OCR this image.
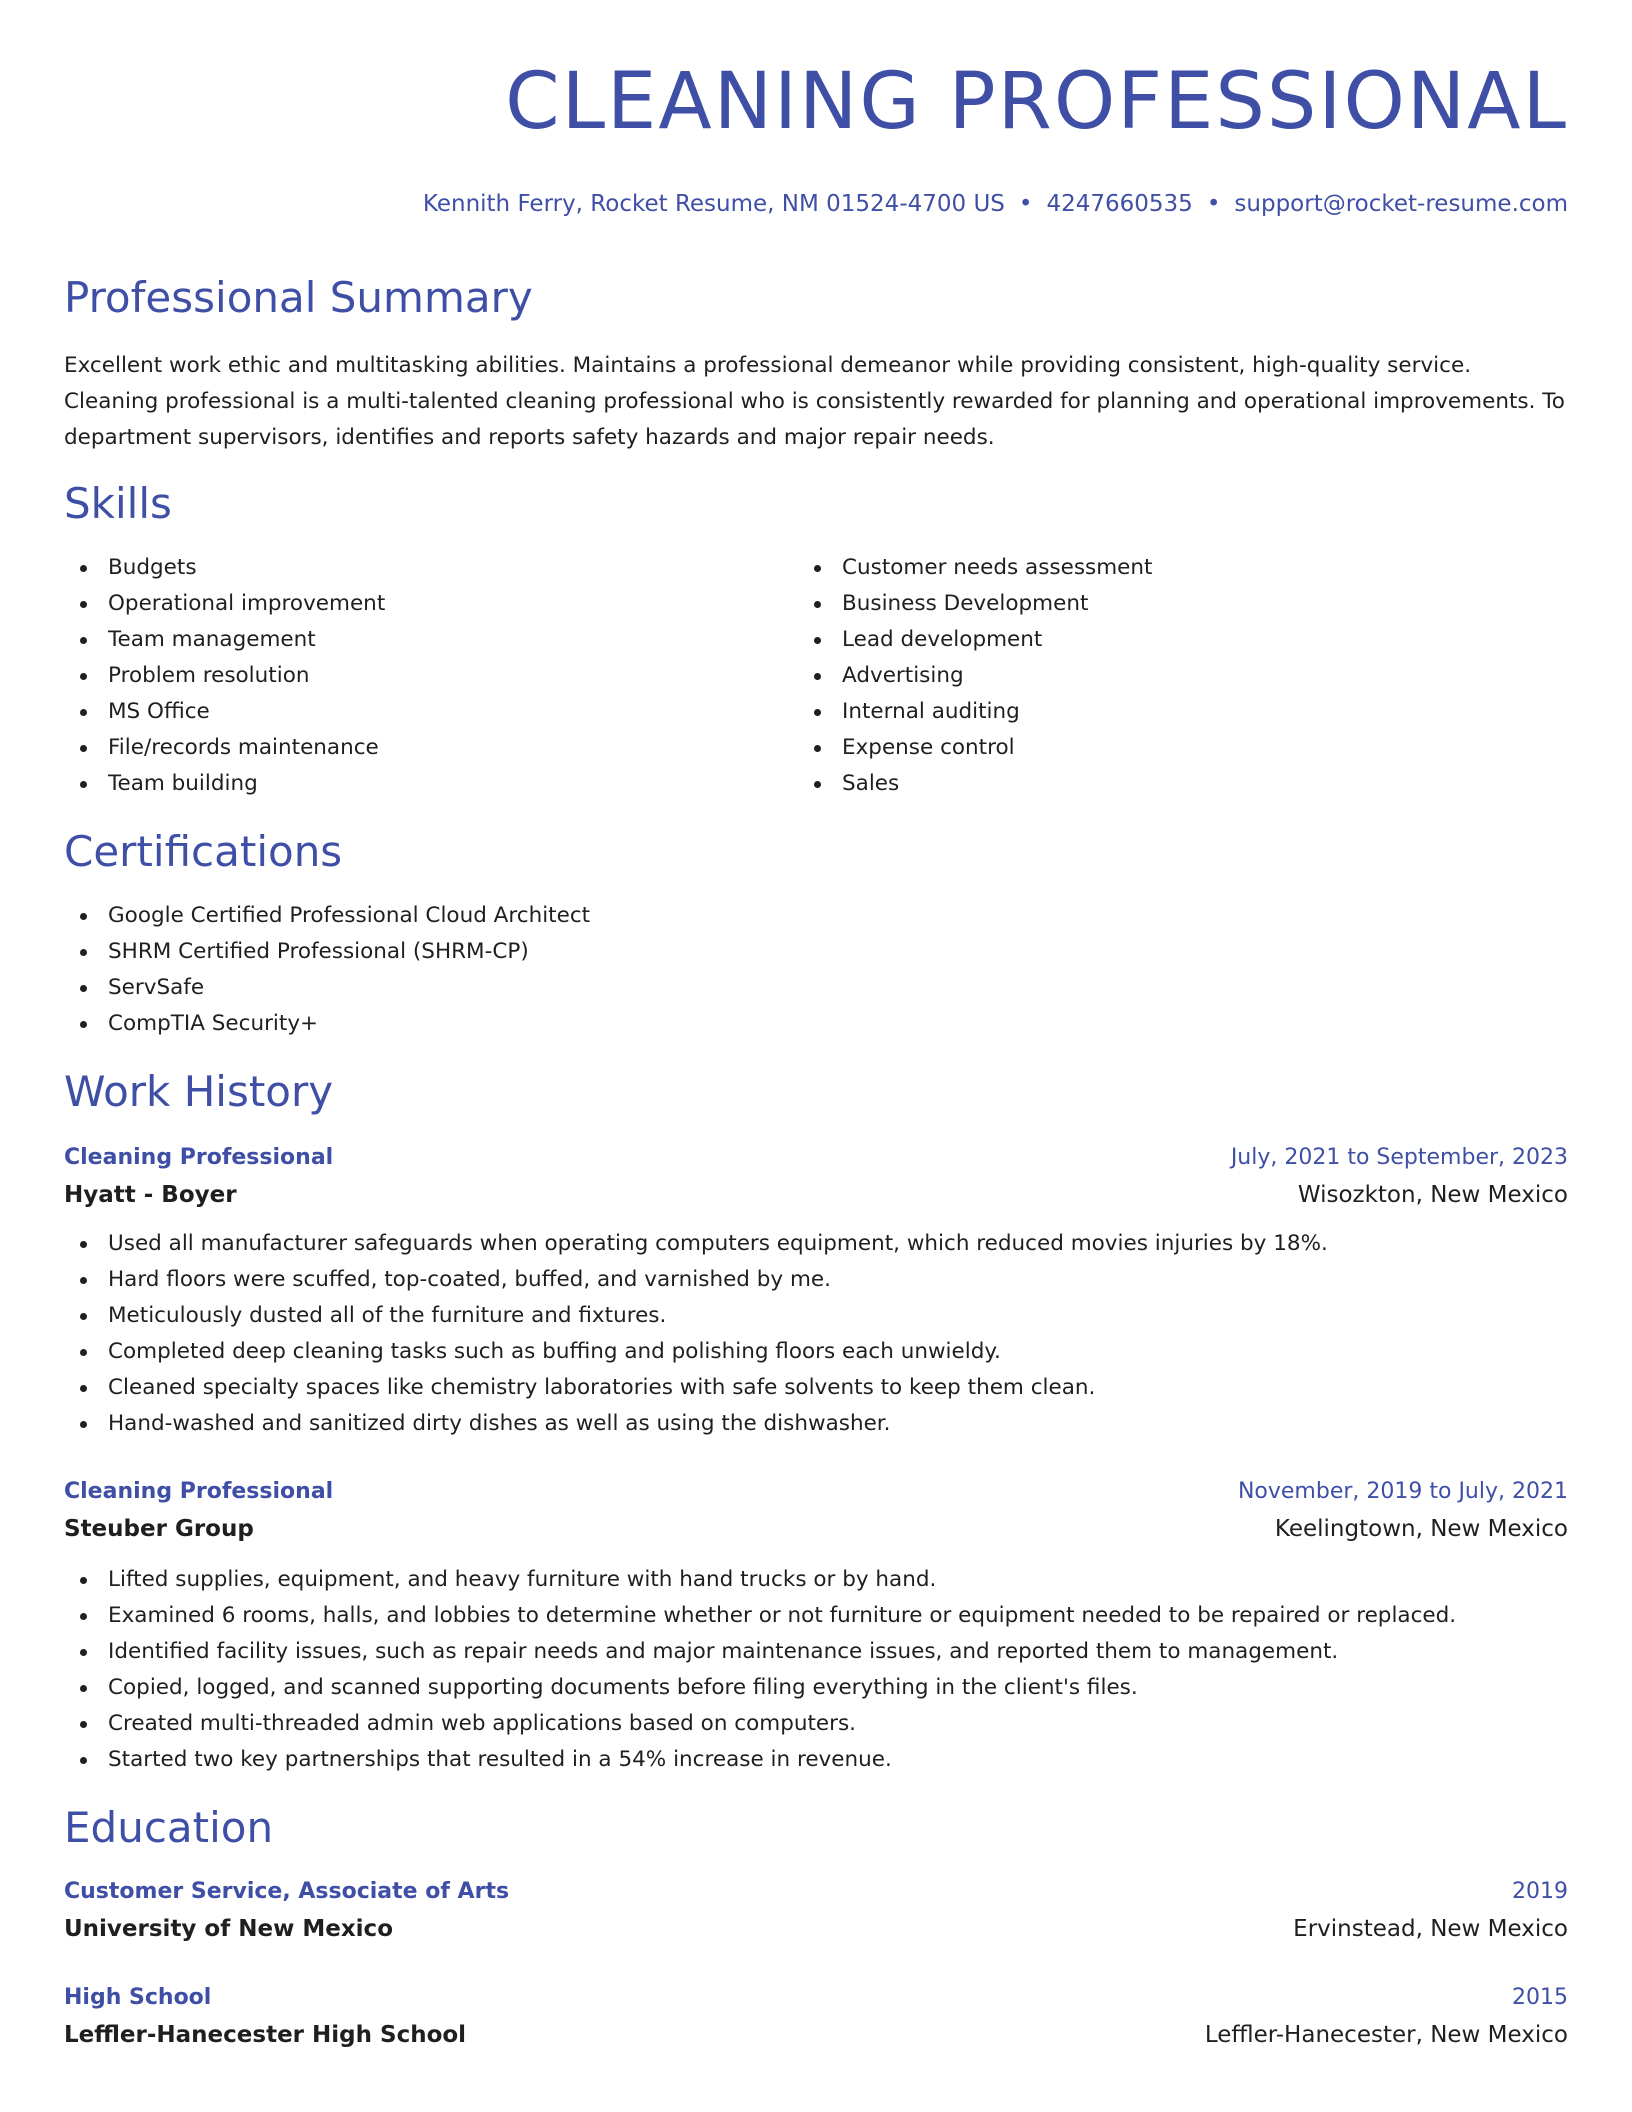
CLEANING PROFESSIONAL
Kennith Ferry, Rocket Resume, NM 01524-4700 US • 4247660535 • support@rocket-resume.com
Professional Summary

Excellent work ethic and multitasking abilities. Maintains a professional demeanor while providing consistent, high-quality service. Cleaning professional is a multi-talented cleaning professional who is consistently rewarded for planning and operational improvements. To department supervisors, identifies and reports safety hazards and major repair needs.

Skills
Budgets
Operational improvement
Team management
Problem resolution
MS Office
File/records maintenance
Team building
Customer needs assessment
Business Development
Lead development
Advertising
Internal auditing
Expense control
Sales
Certifications
Google Certified Professional Cloud Architect
SHRM Certified Professional (SHRM-CP)
ServSafe
CompTIA Security+
Work History
Cleaning Professional	July, 2021 to September, 2023
Hyatt - Boyer	Wisozkton, New Mexico
Used all manufacturer safeguards when operating computers equipment, which reduced movies injuries by 18%.
Hard floors were scuffed, top-coated, buffed, and varnished by me.
Meticulously dusted all of the furniture and fixtures.
Completed deep cleaning tasks such as buffing and polishing floors each unwieldy.
Cleaned specialty spaces like chemistry laboratories with safe solvents to keep them clean.
Hand-washed and sanitized dirty dishes as well as using the dishwasher.
Cleaning Professional	November, 2019 to July, 2021
Steuber Group	Keelingtown, New Mexico
Lifted supplies, equipment, and heavy furniture with hand trucks or by hand.
Examined 6 rooms, halls, and lobbies to determine whether or not furniture or equipment needed to be repaired or replaced.
Identified facility issues, such as repair needs and major maintenance issues, and reported them to management.
Copied, logged, and scanned supporting documents before filing everything in the client's files.
Created multi-threaded admin web applications based on computers.
Started two key partnerships that resulted in a 54% increase in revenue.
Education
Customer Service, Associate of Arts	2019
University of New Mexico	Ervinstead, New Mexico
High School	2015
Leffler-Hanecester High School	Leffler-Hanecester, New Mexico
